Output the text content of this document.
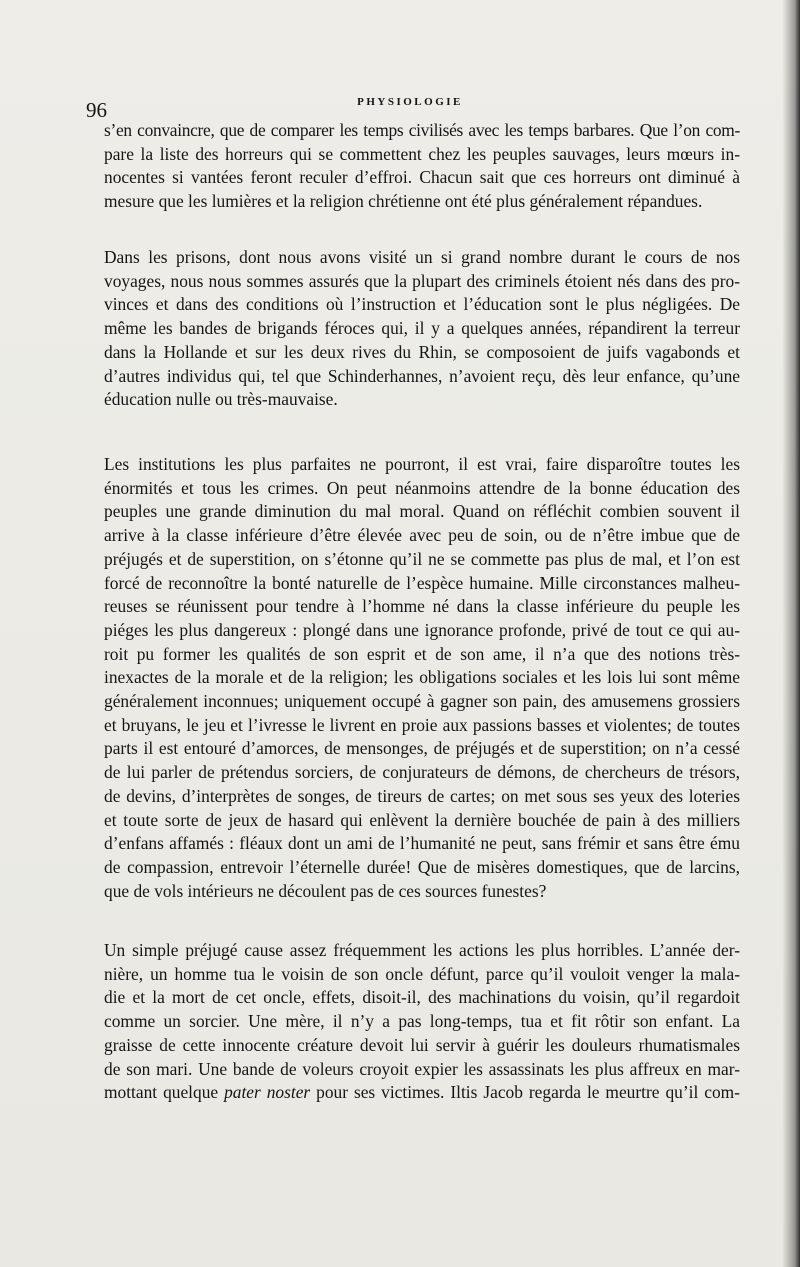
96	PHYSIOLOGIE
s’en convaincre, que de comparer les temps civilisés avec les temps barbares. Que l’on com-
pare la liste des horreurs qui se commettent chez les peuples sauvages, leurs mœurs in-
nocentes si vantées feront reculer d’effroi. Chacun sait que ces horreurs ont diminué à
mesure que les lumières et la religion chrétienne ont été plus généralement répandues.
Dans les prisons, dont nous avons visité un si grand nombre durant le cours de nos
voyages, nous nous sommes assurés que la plupart des criminels étoient nés dans des pro-
vinces et dans des conditions où l’instruction et l’éducation sont le plus négligées. De
même les bandes de brigands féroces qui, il y a quelques années, répandirent la terreur
dans la Hollande et sur les deux rives du Rhin, se composoient de juifs vagabonds et
d’autres individus qui, tel que Schinderhannes, n’avoient reçu, dès leur enfance, qu’une
éducation nulle ou très-mauvaise.
Les institutions les plus parfaites ne pourront, il est vrai, faire disparoître toutes les
énormités et tous les crimes. On peut néanmoins attendre de la bonne éducation des
peuples une grande diminution du mal moral. Quand on réfléchit combien souvent il
arrive à la classe inférieure d’être élevée avec peu de soin, ou de n’être imbue que de
préjugés et de superstition, on s’étonne qu’il ne se commette pas plus de mal, et l’on est
forcé de reconnoître la bonté naturelle de l’espèce humaine. Mille circonstances malheu-
reuses se réunissent pour tendre à l’homme né dans la classe inférieure du peuple les
piéges les plus dangereux : plongé dans une ignorance profonde, privé de tout ce qui au-
roit pu former les qualités de son esprit et de son ame, il n’a que des notions très-
inexactes de la morale et de la religion; les obligations sociales et les lois lui sont même
généralement inconnues; uniquement occupé à gagner son pain, des amusemens grossiers
et bruyans, le jeu et l’ivresse le livrent en proie aux passions basses et violentes; de toutes
parts il est entouré d’amorces, de mensonges, de préjugés et de superstition; on n’a cessé
de lui parler de prétendus sorciers, de conjurateurs de démons, de chercheurs de trésors,
de devins, d’interprètes de songes, de tireurs de cartes; on met sous ses yeux des loteries
et toute sorte de jeux de hasard qui enlèvent la dernière bouchée de pain à des milliers
d’enfans affamés : fléaux dont un ami de l’humanité ne peut, sans frémir et sans être ému
de compassion, entrevoir l’éternelle durée! Que de misères domestiques, que de larcins,
que de vols intérieurs ne découlent pas de ces sources funestes?
Un simple préjugé cause assez fréquemment les actions les plus horribles. L’année der-
nière, un homme tua le voisin de son oncle défunt, parce qu’il vouloit venger la mala-
die et la mort de cet oncle, effets, disoit-il, des machinations du voisin, qu’il regardoit
comme un sorcier. Une mère, il n’y a pas long-temps, tua et fit rôtir son enfant. La
graisse de cette innocente créature devoit lui servir à guérir les douleurs rhumatismales
de son mari. Une bande de voleurs croyoit expier les assassinats les plus affreux en mar-
mottant quelque pater noster pour ses victimes. Iltis Jacob regarda le meurtre qu’il com-
